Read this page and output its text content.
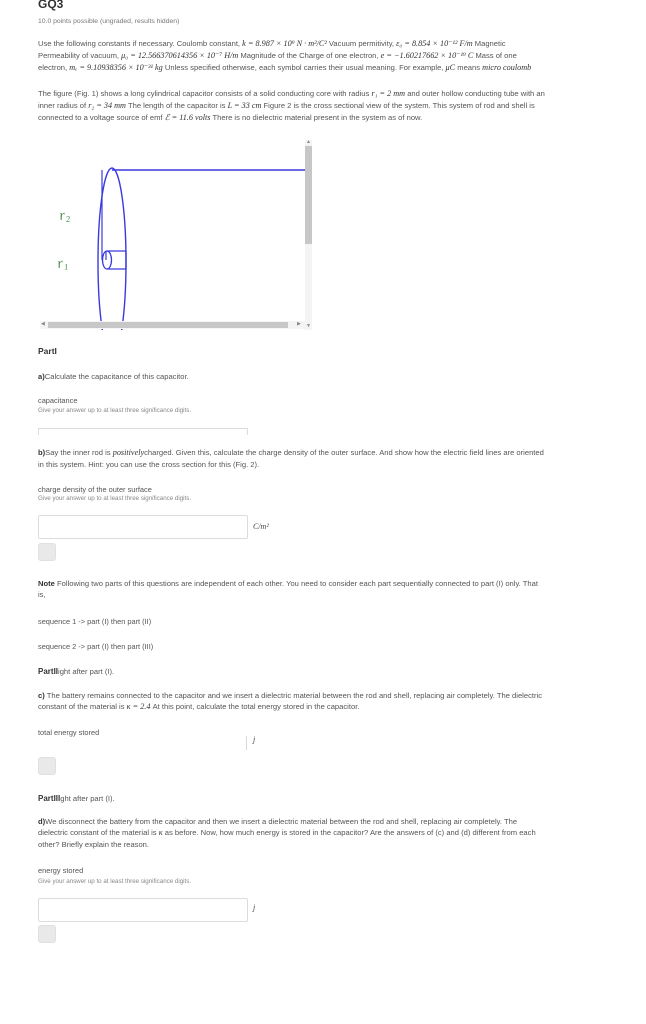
GQ3
10.0 points possible (ungraded, results hidden)
Use the following constants if necessary. Coulomb constant, k = 8.987 × 10⁹ N · m²/C² Vacuum permitivity, ε₀ = 8.854 × 10⁻¹² F/m Magnetic
Permeability of vacuum, μ₀ = 12.566370614356 × 10⁻⁷ H/m Magnitude of the Charge of one electron, e = −1.60217662 × 10⁻¹⁹ C Mass of one
electron, mₑ = 9.10938356 × 10⁻³¹ kg Unless specified otherwise, each symbol carries their usual meaning. For example, μC means micro coulomb
The figure (Fig. 1) shows a long cylindrical capacitor consists of a solid conducting core with radius r₁ = 2 mm and outer hollow conducting tube with an
inner radius of r₂ = 34 mm The length of the capacitor is L = 33 cm Figure 2 is the cross sectional view of the system. This system of rod and shell is
connected to a voltage source of emf ℰ = 11.6 volts There is no dielectric material present in the system as of now.
r₂
r₁
◀	▶
▲
▼
PartI
a)Calculate the capacitance of this capacitor.
capacitance
Give your answer up to at least three significance digits.
b)Say the inner rod is positivelycharged. Given this, calculate the charge density of the outer surface. And show how the electric field lines are oriented
in this system. Hint: you can use the cross section for this (Fig. 2).
charge density of the outer surface
Give your answer up to at least three significance digits.
C/m²
Note Following two parts of this questions are independent of each other. You need to consider each part sequentially connected to part (I) only. That
is,
sequence 1 -> part (I) then part (II)
sequence 2 -> part (I) then part (III)
PartIIight after part (I).
c) The battery remains connected to the capacitor and we insert a dielectric material between the rod and shell, replacing air completely. The dielectric
constant of the material is κ = 2.4 At this point, calculate the total energy stored in the capacitor.
total energy stored
j
PartIIIght after part (I).
d)We disconnect the battery from the capacitor and then we insert a dielectric material between the rod and shell, replacing air completely. The
dielectric constant of the material is κ as before. Now, how much energy is stored in the capacitor? Are the answers of (c) and (d) different from each
other? Briefly explain the reason.
energy stored
Give your answer up to at least three significance digits.
j
